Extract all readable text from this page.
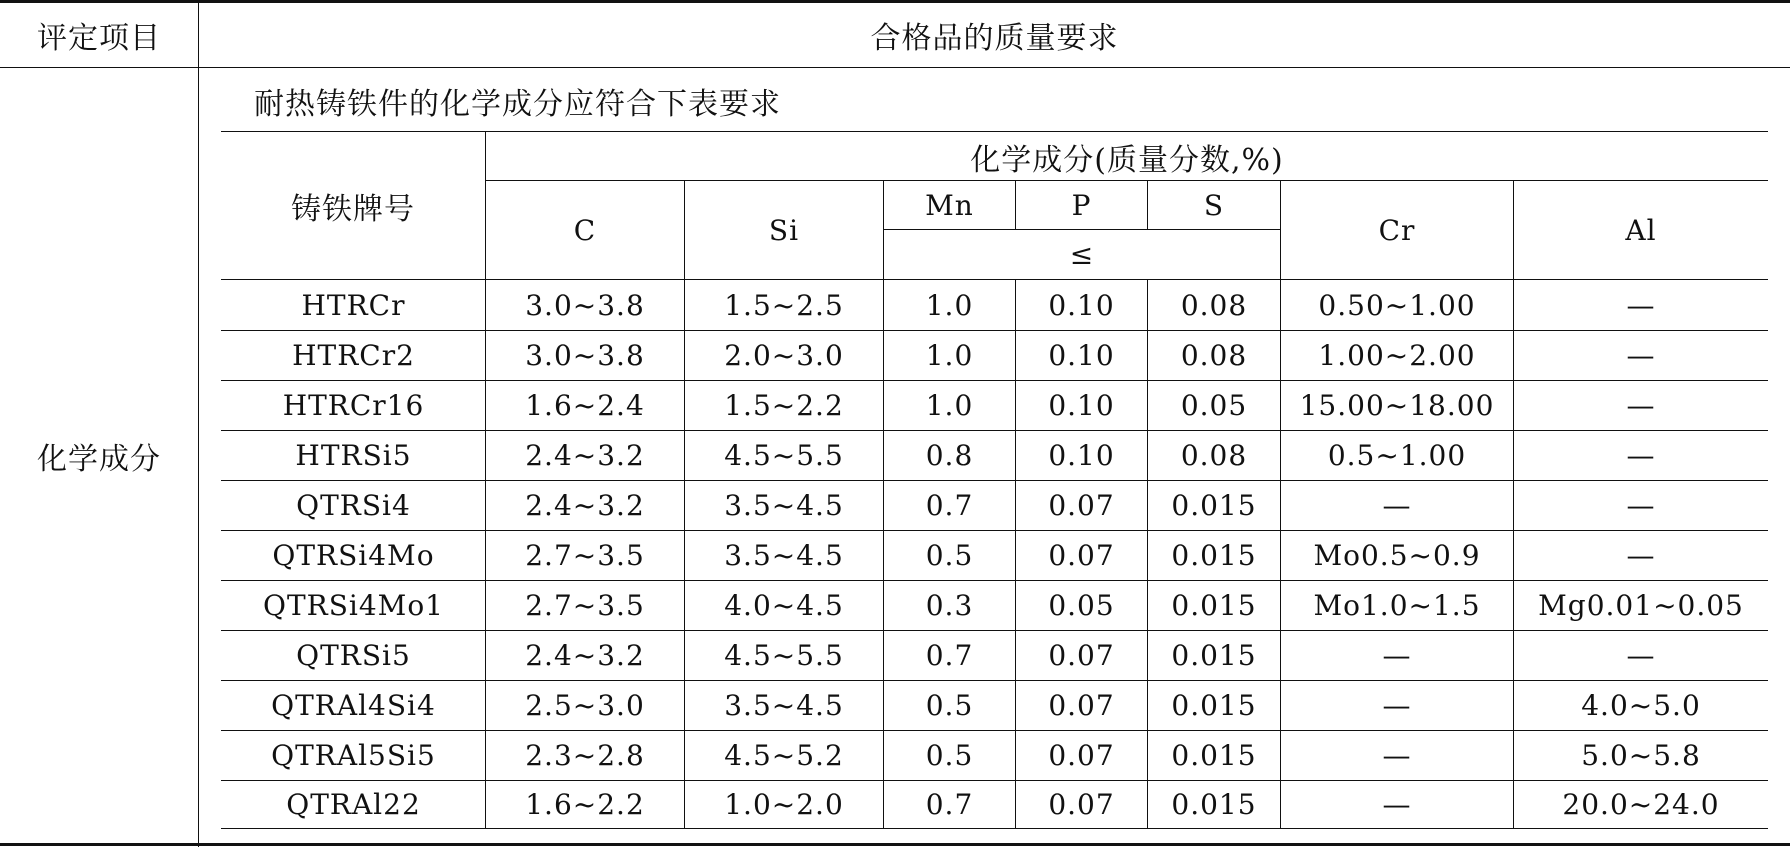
评定项目	合格品的质量要求
化学成分
耐热铸铁件的化学成分应符合下表要求
铸铁牌号
化学成分(质量分数,%)
C	Si
Mn	P	S
≤
Cr	Al
HTRCr	3.0~3.8	1.5~2.5	1.0	0.10	0.08	0.50~1.00	—
HTRCr2	3.0~3.8	2.0~3.0	1.0	0.10	0.08	1.00~2.00	—
HTRCr16	1.6~2.4	1.5~2.2	1.0	0.10	0.05	15.00~18.00	—
HTRSi5	2.4~3.2	4.5~5.5	0.8	0.10	0.08	0.5~1.00	—
QTRSi4	2.4~3.2	3.5~4.5	0.7	0.07	0.015	—	—
QTRSi4Mo	2.7~3.5	3.5~4.5	0.5	0.07	0.015	Mo0.5~0.9	—
QTRSi4Mo1	2.7~3.5	4.0~4.5	0.3	0.05	0.015	Mo1.0~1.5	Mg0.01~0.05
QTRSi5	2.4~3.2	4.5~5.5	0.7	0.07	0.015	—	—
QTRAl4Si4	2.5~3.0	3.5~4.5	0.5	0.07	0.015	—	4.0~5.0
QTRAl5Si5	2.3~2.8	4.5~5.2	0.5	0.07	0.015	—	5.0~5.8
QTRAl22	1.6~2.2	1.0~2.0	0.7	0.07	0.015	—	20.0~24.0
